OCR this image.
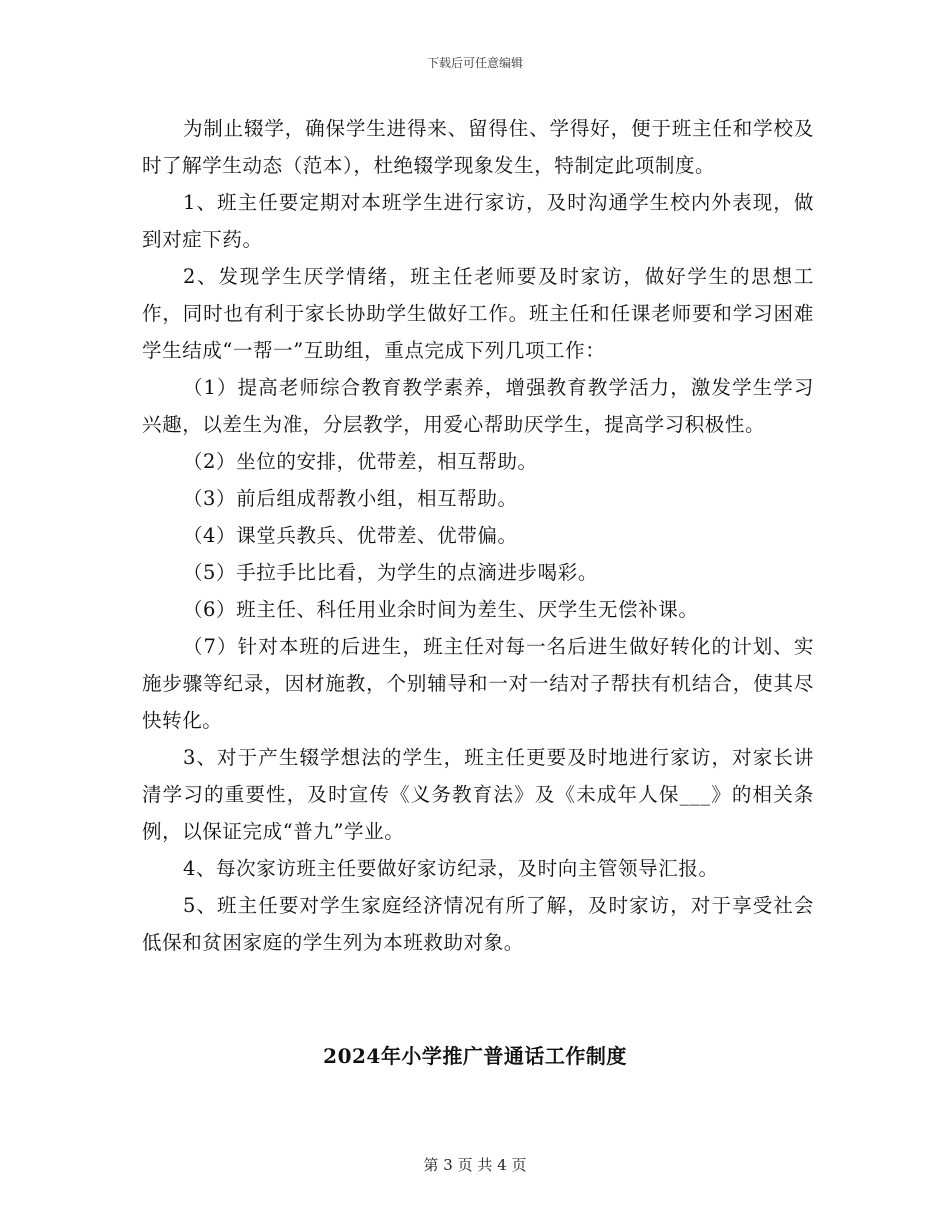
下载后可任意编辑

为制止辍学，确保学生进得来、留得住、学得好，便于班主任和学校及时了解学生动态（范本），杜绝辍学现象发生，特制定此项制度。

1、班主任要定期对本班学生进行家访，及时沟通学生校内外表现，做到对症下药。

2、发现学生厌学情绪，班主任老师要及时家访，做好学生的思想工作，同时也有利于家长协助学生做好工作。班主任和任课老师要和学习困难学生结成“一帮一”互助组，重点完成下列几项工作：

（1）提高老师综合教育教学素养，增强教育教学活力，激发学生学习兴趣，以差生为准，分层教学，用爱心帮助厌学生，提高学习积极性。

（2）坐位的安排，优带差，相互帮助。

（3）前后组成帮教小组，相互帮助。

（4）课堂兵教兵、优带差、优带偏。

（5）手拉手比比看，为学生的点滴进步喝彩。

（6）班主任、科任用业余时间为差生、厌学生无偿补课。

（7）针对本班的后进生，班主任对每一名后进生做好转化的计划、实施步骤等纪录，因材施教，个别辅导和一对一结对子帮扶有机结合，使其尽快转化。

3、对于产生辍学想法的学生，班主任更要及时地进行家访，对家长讲清学习的重要性，及时宣传《义务教育法》及《未成年人保___》的相关条例，以保证完成“普九”学业。

4、每次家访班主任要做好家访纪录，及时向主管领导汇报。

5、班主任要对学生家庭经济情况有所了解，及时家访，对于享受社会低保和贫困家庭的学生列为本班救助对象。

2024年小学推广普通话工作制度
第 3 页 共 4 页
